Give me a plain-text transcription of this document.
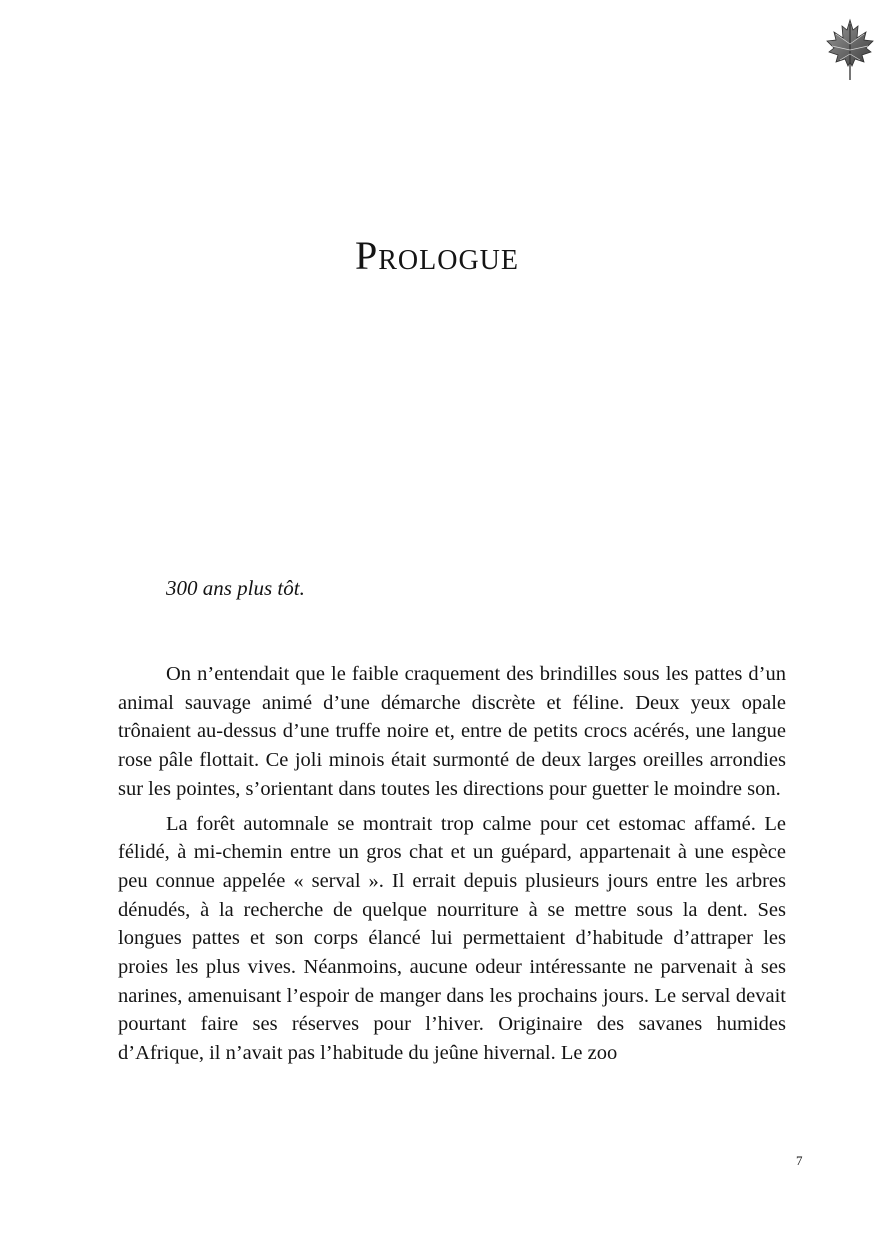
Prologue

300 ans plus tôt.

On n’entendait que le faible craquement des brindilles sous les pattes d’un animal sauvage animé d’une démarche discrète et féline. Deux yeux opale trônaient au-dessus d’une truffe noire et, entre de petits crocs acérés, une langue rose pâle flottait. Ce joli minois était surmonté de deux larges oreilles arrondies sur les pointes, s’orientant dans toutes les directions pour guetter le moindre son.

La forêt automnale se montrait trop calme pour cet estomac affamé. Le félidé, à mi-chemin entre un gros chat et un guépard, appartenait à une espèce peu connue appelée « serval ». Il errait depuis plusieurs jours entre les arbres dénudés, à la recherche de quelque nourriture à se mettre sous la dent. Ses longues pattes et son corps élancé lui permettaient d’habitude d’attraper les proies les plus vives. Néanmoins, aucune odeur intéressante ne parvenait à ses narines, amenuisant l’espoir de manger dans les prochains jours. Le serval devait pourtant faire ses réserves pour l’hiver. Originaire des savanes humides d’Afrique, il n’avait pas l’habitude du jeûne hivernal. Le zoo

7
